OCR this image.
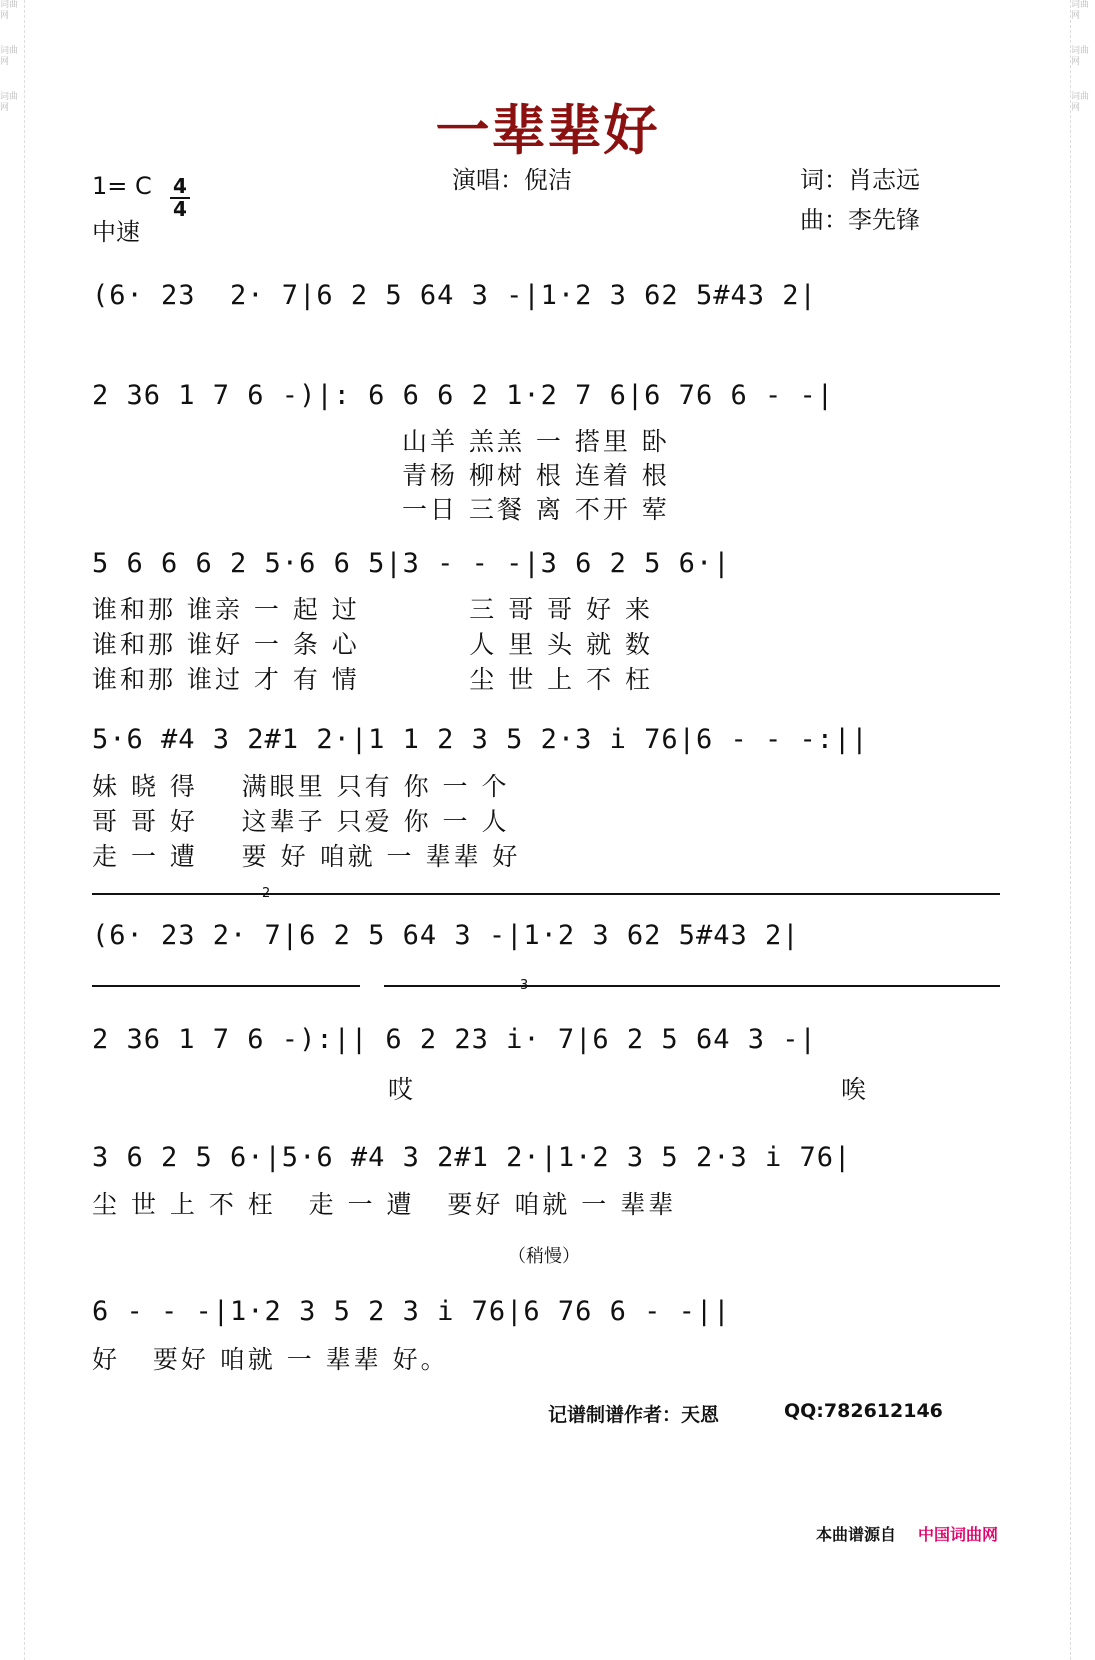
词曲网
词曲网
词曲网
词曲网
词曲网
词曲网
一辈辈好
1= C $\frac{4}{4}$
中速
演唱：倪洁	词：肖志远
曲：李先锋
(6· 23  2· 7|6 2 5 64 3 -|1·2 3 62 5#43 2|
2 36 1 7 6 -)|: 6 6 6 2 1·2 7 6|6 76 6 - -|
山羊 羔羔 一 搭里 卧
青杨 柳树 根 连着 根
一日 三餐 离 不开 荤
5 6 6 6 2 5·6 6 5|3 - - -|3 6 2 5 6·|
谁和那 谁亲 一 起 过          三 哥 哥 好 来
谁和那 谁好 一 条 心          人 里 头 就 数
谁和那 谁过 才 有 情          尘 世 上 不 枉
5·6 #4 3 2#1 2·|1 1 2 3 5 2·3 i 76|6 - - -:||
妹 晓 得    满眼里 只有 你 一 个
哥 哥 好    这辈子 只爱 你 一 人
走 一 遭    要 好 咱就 一 辈辈 好
2
(6· 23 2· 7|6 2 5 64 3 -|1·2 3 62 5#43 2|
3
2 36 1 7 6 -):|| 6 2 23 i· 7|6 2 5 64 3 -|
哎 唉
3 6 2 5 6·|5·6 #4 3 2#1 2·|1·2 3 5 2·3 i 76|
尘 世 上 不 枉   走 一 遭   要好 咱就 一 辈辈
（稍慢）
6 - - -|1·2 3 5 2 3 i 76|6 76 6 - -||
好   要好 咱就 一 辈辈 好。
记谱制谱作者：天恩	QQ:782612146
本曲谱源自 中国词曲网
